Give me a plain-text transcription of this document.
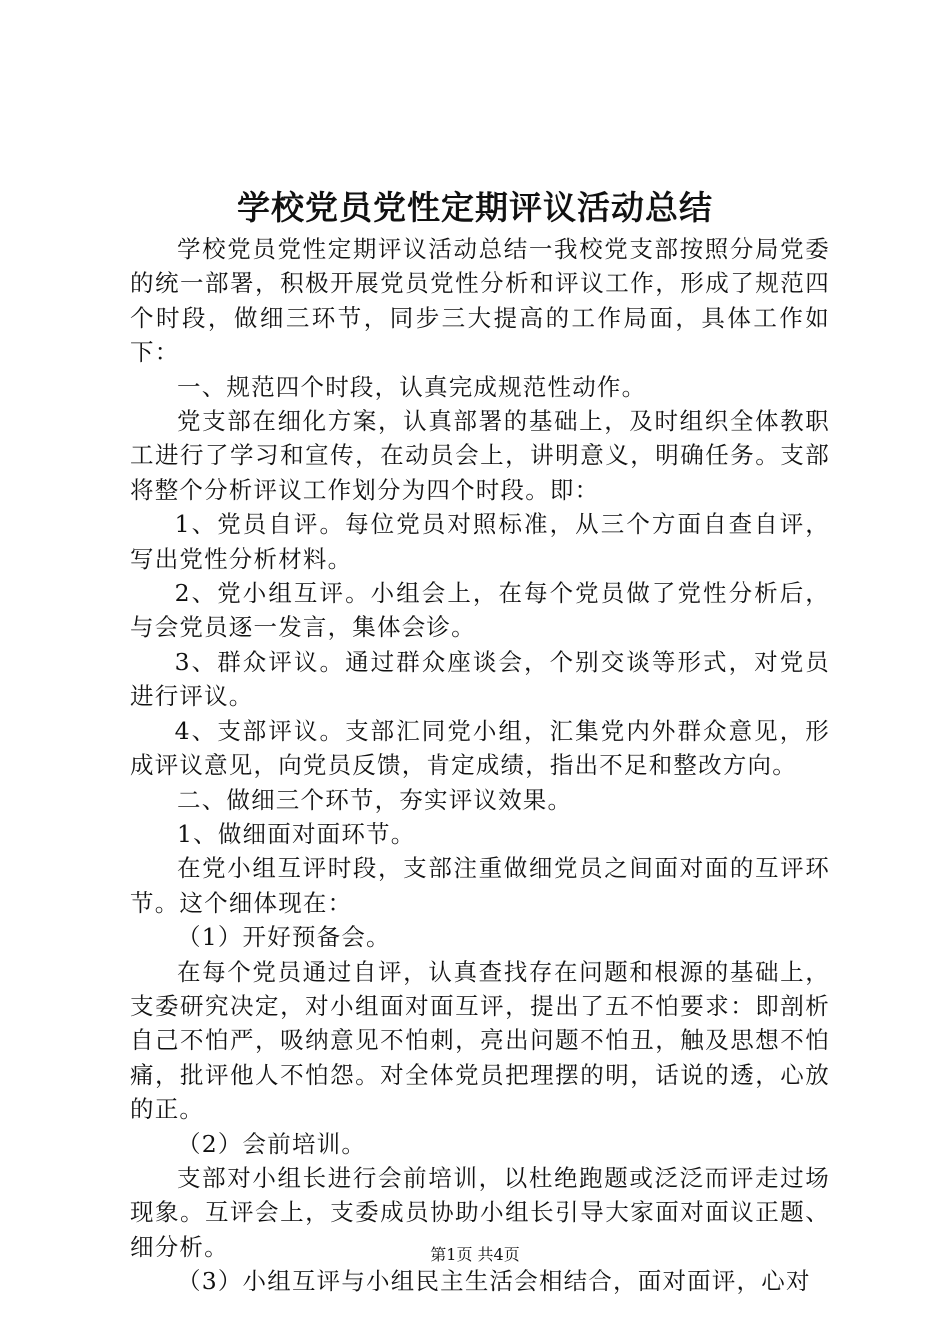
学校党员党性定期评议活动总结

学校党员党性定期评议活动总结一我校党支部按照分局党委的统一部署，积极开展党员党性分析和评议工作，形成了规范四个时段，做细三环节，同步三大提高的工作局面，具体工作如下：

一、规范四个时段，认真完成规范性动作。

党支部在细化方案，认真部署的基础上，及时组织全体教职工进行了学习和宣传，在动员会上，讲明意义，明确任务。支部将整个分析评议工作划分为四个时段。即：

1、党员自评。每位党员对照标准，从三个方面自查自评，写出党性分析材料。

2、党小组互评。小组会上，在每个党员做了党性分析后，与会党员逐一发言，集体会诊。

3、群众评议。通过群众座谈会，个别交谈等形式，对党员进行评议。

4、支部评议。支部汇同党小组，汇集党内外群众意见，形成评议意见，向党员反馈，肯定成绩，指出不足和整改方向。

二、做细三个环节，夯实评议效果。

1、做细面对面环节。

在党小组互评时段，支部注重做细党员之间面对面的互评环节。这个细体现在：

（1）开好预备会。

在每个党员通过自评，认真查找存在问题和根源的基础上，支委研究决定，对小组面对面互评，提出了五不怕要求：即剖析自己不怕严，吸纳意见不怕刺，亮出问题不怕丑，触及思想不怕痛，批评他人不怕怨。对全体党员把理摆的明，话说的透，心放的正。

（2）会前培训。

支部对小组长进行会前培训，以杜绝跑题或泛泛而评走过场现象。互评会上，支委成员协助小组长引导大家面对面议正题、细分析。

（3）小组互评与小组民主生活会相结合，面对面评，心对

第1页 共4页
